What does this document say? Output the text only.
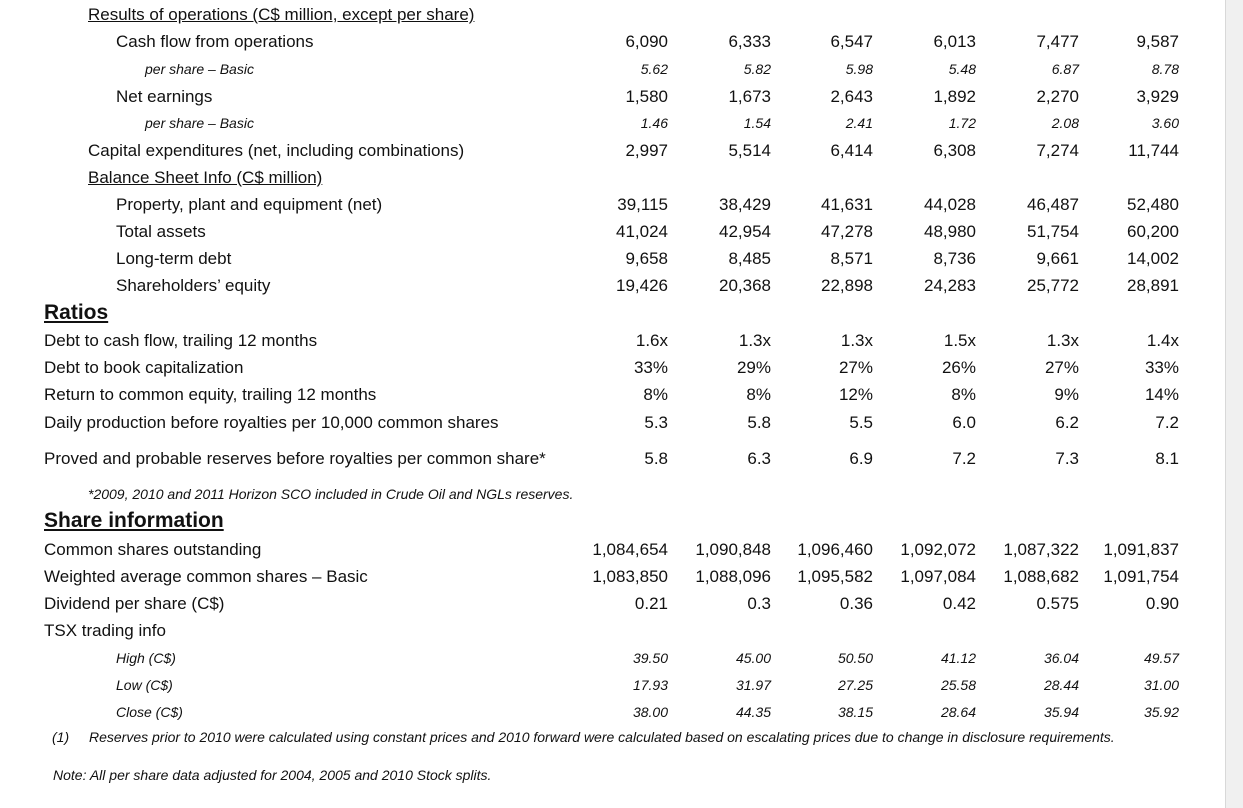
Results of operations (C$ million, except per share)
Cash flow from operations	6,090	6,333	6,547	6,013	7,477	9,587
per share – Basic	5.62	5.82	5.98	5.48	6.87	8.78
Net earnings	1,580	1,673	2,643	1,892	2,270	3,929
per share – Basic	1.46	1.54	2.41	1.72	2.08	3.60
Capital expenditures (net, including combinations)	2,997	5,514	6,414	6,308	7,274	11,744
Balance Sheet Info (C$ million)
Property, plant and equipment (net)	39,115	38,429	41,631	44,028	46,487	52,480
Total assets	41,024	42,954	47,278	48,980	51,754	60,200
Long-term debt	9,658	8,485	8,571	8,736	9,661	14,002
Shareholders’ equity	19,426	20,368	22,898	24,283	25,772	28,891
Ratios
Debt to cash flow, trailing 12 months	1.6x	1.3x	1.3x	1.5x	1.3x	1.4x
Debt to book capitalization	33%	29%	27%	26%	27%	33%
Return to common equity, trailing 12 months	8%	8%	12%	8%	9%	14%
Daily production before royalties per 10,000 common shares	5.3	5.8	5.5	6.0	6.2	7.2
Proved and probable reserves before royalties per common share*	5.8	6.3	6.9	7.2	7.3	8.1
*2009, 2010 and 2011 Horizon SCO included in Crude Oil and NGLs reserves.
Share information
Common shares outstanding	1,084,654	1,090,848	1,096,460	1,092,072	1,087,322	1,091,837
Weighted average common shares – Basic	1,083,850	1,088,096	1,095,582	1,097,084	1,088,682	1,091,754
Dividend per share (C$)	0.21	0.3	0.36	0.42	0.575	0.90
TSX trading info
High (C$)	39.50	45.00	50.50	41.12	36.04	49.57
Low (C$)	17.93	31.97	27.25	25.58	28.44	31.00
Close (C$)	38.00	44.35	38.15	28.64	35.94	35.92
(1) Reserves prior to 2010 were calculated using constant prices and 2010 forward were calculated based on escalating prices due to change in disclosure requirements.
Note: All per share data adjusted for 2004, 2005 and 2010 Stock splits.
